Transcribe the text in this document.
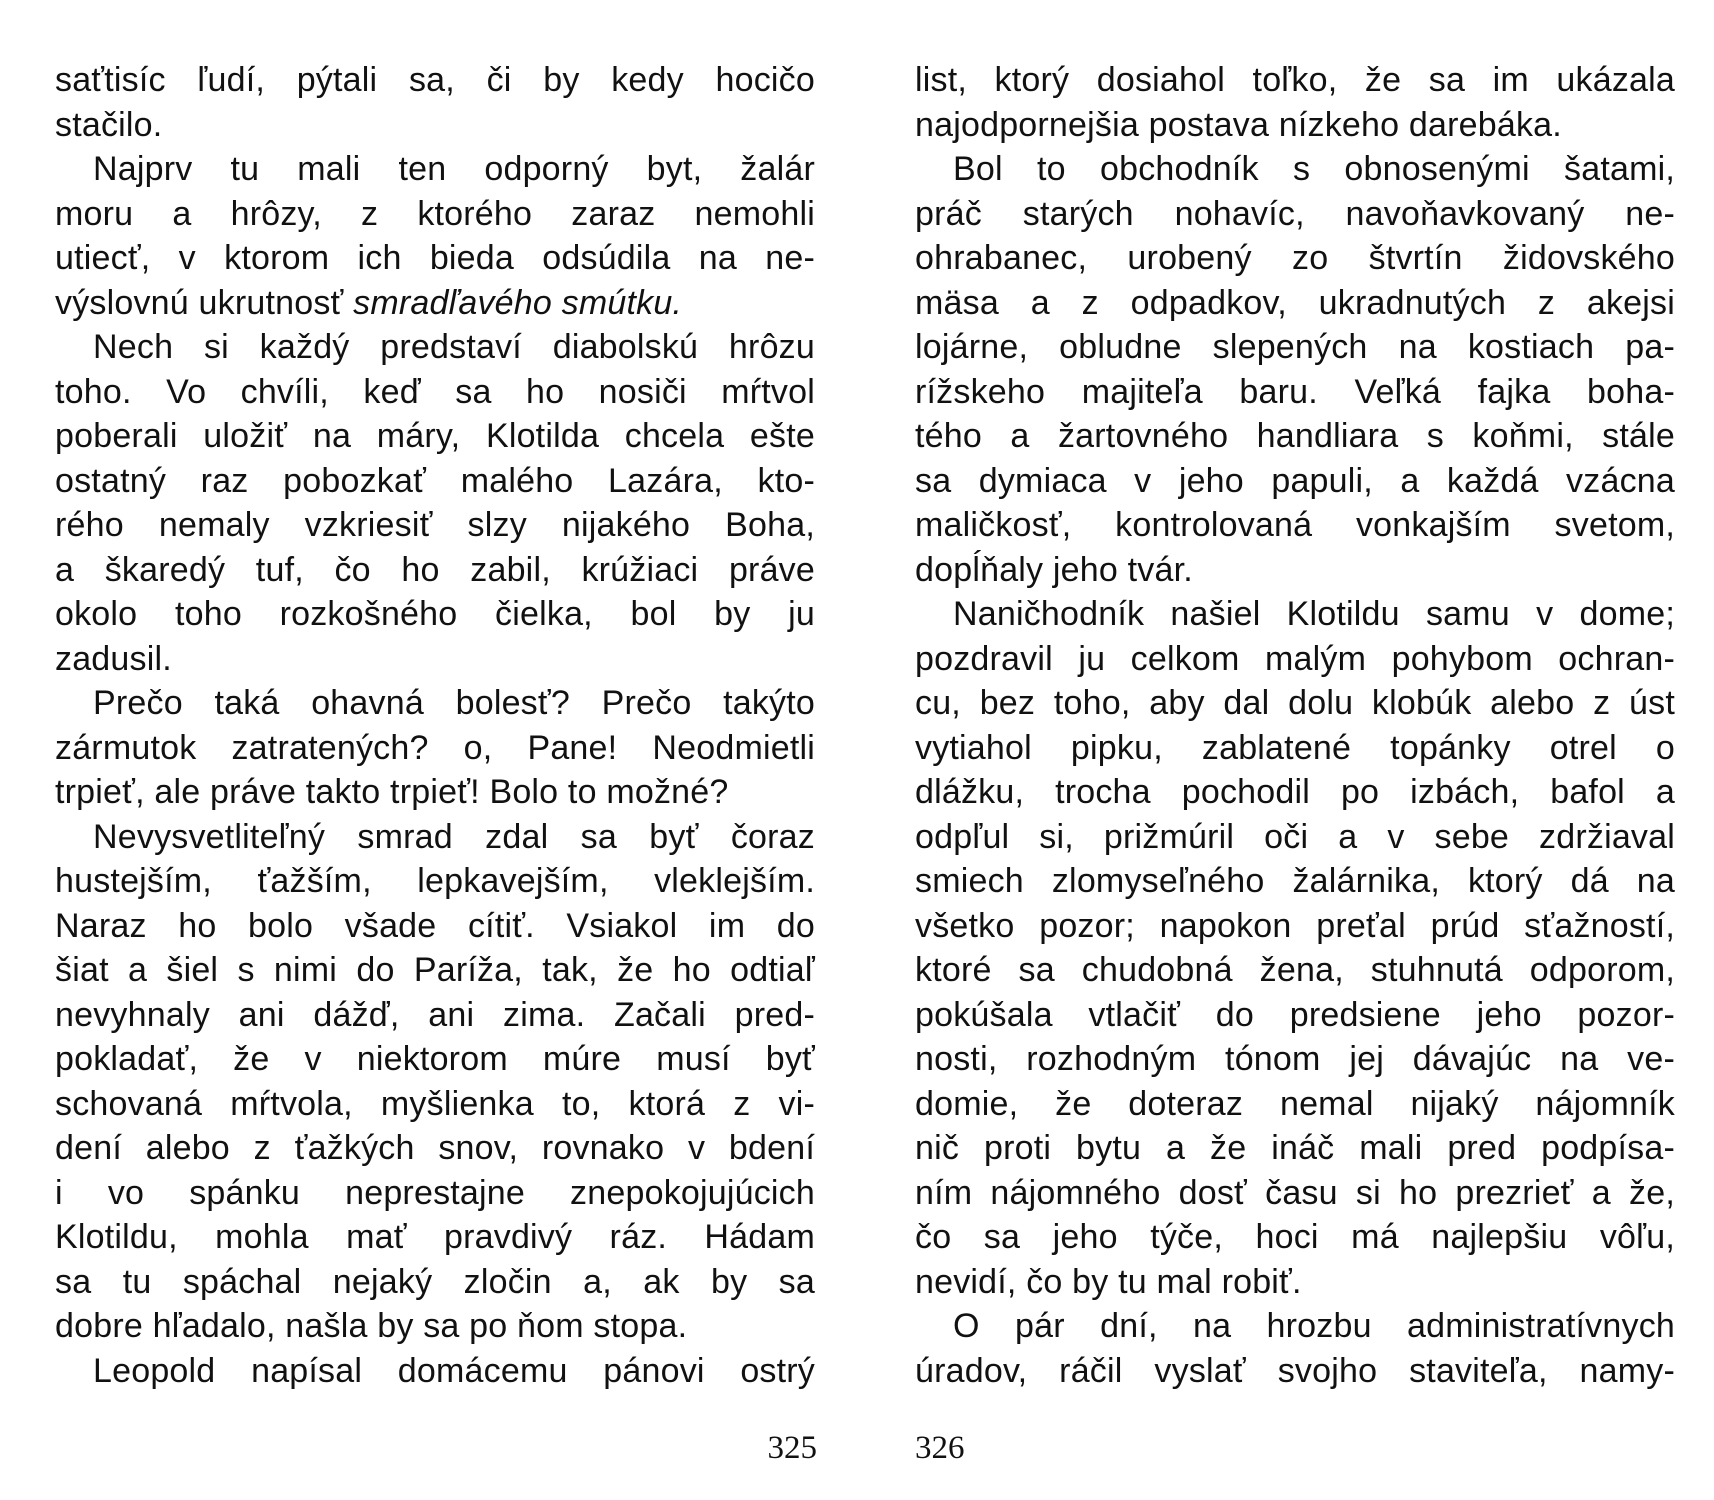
saťtisíc ľudí, pýtali sa, či by kedy hocičo
stačilo.
Najprv tu mali ten odporný byt, žalár
moru a hrôzy, z ktorého zaraz nemohli
utiecť, v ktorom ich bieda odsúdila na ne-
výslovnú ukrutnosť smradľavého smútku.
Nech si každý predstaví diabolskú hrôzu
toho. Vo chvíli, keď sa ho nosiči mŕtvol
poberali uložiť na máry, Klotilda chcela ešte
ostatný raz pobozkať malého Lazára, kto-
rého nemaly vzkriesiť slzy nijakého Boha,
a škaredý tuf, čo ho zabil, krúžiaci práve
okolo toho rozkošného čielka, bol by ju
zadusil.
Prečo taká ohavná bolesť? Prečo takýto
zármutok zatratených? o, Pane! Neodmietli
trpieť, ale práve takto trpieť! Bolo to možné?
Nevysvetliteľný smrad zdal sa byť čoraz
hustejším, ťažším, lepkavejším, vleklejším.
Naraz ho bolo všade cítiť. Vsiakol im do
šiat a šiel s nimi do Paríža, tak, že ho odtiaľ
nevyhnaly ani dážď, ani zima. Začali pred-
pokladať, že v niektorom múre musí byť
schovaná mŕtvola, myšlienka to, ktorá z vi-
dení alebo z ťažkých snov, rovnako v bdení
i vo spánku neprestajne znepokojujúcich
Klotildu, mohla mať pravdivý ráz. Hádam
sa tu spáchal nejaký zločin a, ak by sa
dobre hľadalo, našla by sa po ňom stopa.
Leopold napísal domácemu pánovi ostrý
325
list, ktorý dosiahol toľko, že sa im ukázala
najodpornejšia postava nízkeho darebáka.
Bol to obchodník s obnosenými šatami,
práč starých nohavíc, navoňavkovaný ne-
ohrabanec, urobený zo štvrtín židovského
mäsa a z odpadkov, ukradnutých z akejsi
lojárne, obludne slepených na kostiach pa-
rížskeho majiteľa baru. Veľká fajka boha-
tého a žartovného handliara s koňmi, stále
sa dymiaca v jeho papuli, a každá vzácna
maličkosť, kontrolovaná vonkajším svetom,
dopĺňaly jeho tvár.
Naničhodník našiel Klotildu samu v dome;
pozdravil ju celkom malým pohybom ochran-
cu, bez toho, aby dal dolu klobúk alebo z úst
vytiahol pipku, zablatené topánky otrel o
dlážku, trocha pochodil po izbách, bafol a
odpľul si, prižmúril oči a v sebe zdržiaval
smiech zlomyseľného žalárnika, ktorý dá na
všetko pozor; napokon preťal prúd sťažností,
ktoré sa chudobná žena, stuhnutá odporom,
pokúšala vtlačiť do predsiene jeho pozor-
nosti, rozhodným tónom jej dávajúc na ve-
domie, že doteraz nemal nijaký nájomník
nič proti bytu a že ináč mali pred podpísa-
ním nájomného dosť času si ho prezrieť a že,
čo sa jeho týče, hoci má najlepšiu vôľu,
nevidí, čo by tu mal robiť.
O pár dní, na hrozbu administratívnych
úradov, ráčil vyslať svojho staviteľa, namy-
326
